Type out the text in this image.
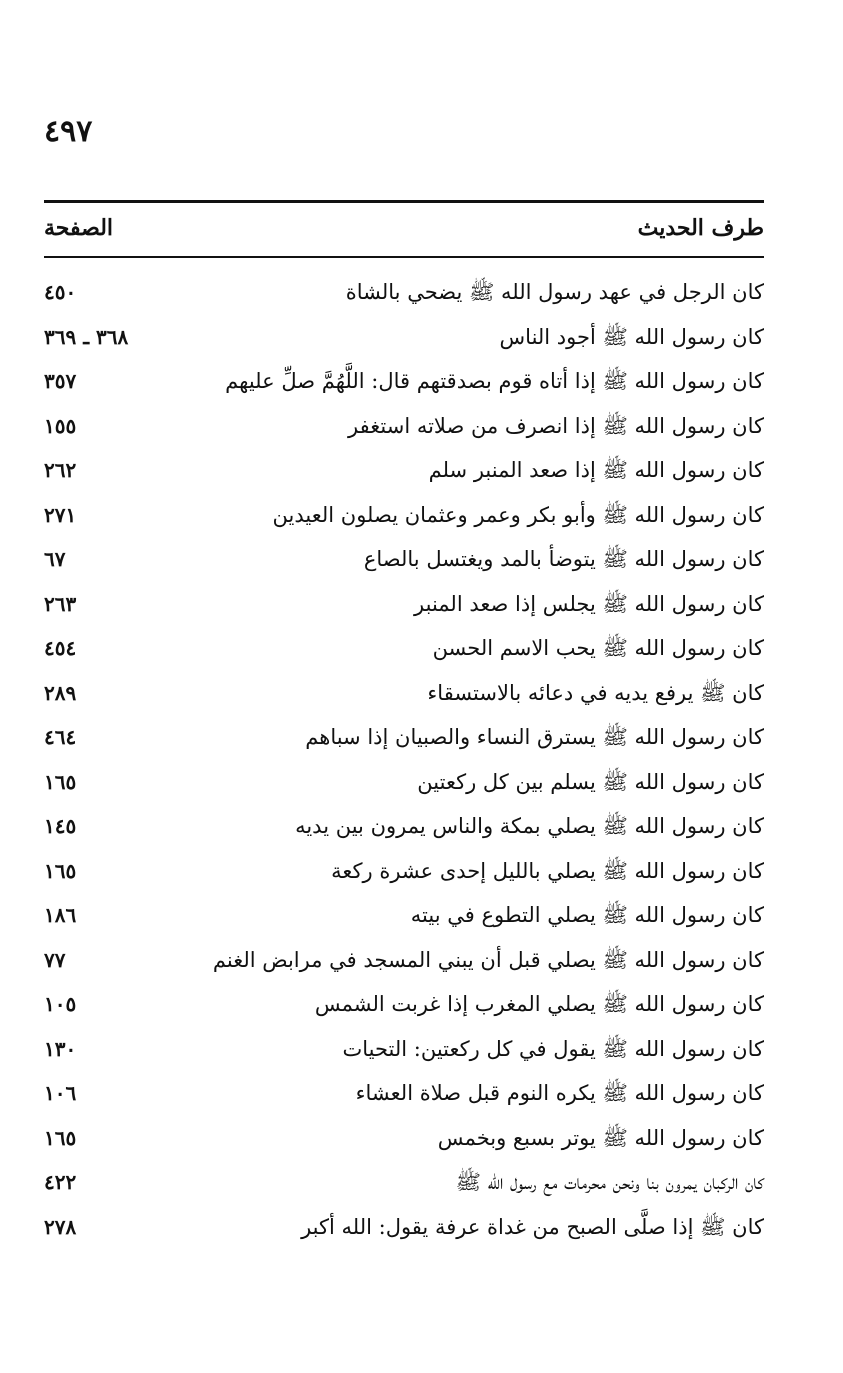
٤٩٧
طرف الحديث
الصفحة
كان الرجل في عهد رسول الله ﷺ يضحي بالشاة
٤٥٠
كان رسول الله ﷺ أجود الناس
٣٦٨ ـ ٣٦٩
كان رسول الله ﷺ إذا أتاه قوم بصدقتهم قال: اللَّهُمَّ صلِّ عليهم
٣٥٧
كان رسول الله ﷺ إذا انصرف من صلاته استغفر
١٥٥
كان رسول الله ﷺ إذا صعد المنبر سلم
٢٦٢
كان رسول الله ﷺ وأبو بكر وعمر وعثمان يصلون العيدين
٢٧١
كان رسول الله ﷺ يتوضأ بالمد ويغتسل بالصاع
٦٧
كان رسول الله ﷺ يجلس إذا صعد المنبر
٢٦٣
كان رسول الله ﷺ يحب الاسم الحسن
٤٥٤
كان ﷺ يرفع يديه في دعائه بالاستسقاء
٢٨٩
كان رسول الله ﷺ يسترق النساء والصبيان إذا سباهم
٤٦٤
كان رسول الله ﷺ يسلم بين كل ركعتين
١٦٥
كان رسول الله ﷺ يصلي بمكة والناس يمرون بين يديه
١٤٥
كان رسول الله ﷺ يصلي بالليل إحدى عشرة ركعة
١٦٥
كان رسول الله ﷺ يصلي التطوع في بيته
١٨٦
كان رسول الله ﷺ يصلي قبل أن يبني المسجد في مرابض الغنم
٧٧
كان رسول الله ﷺ يصلي المغرب إذا غربت الشمس
١٠٥
كان رسول الله ﷺ يقول في كل ركعتين: التحيات
١٣٠
كان رسول الله ﷺ يكره النوم قبل صلاة العشاء
١٠٦
كان رسول الله ﷺ يوتر بسبع وبخمس
١٦٥
كان الركبان يمرون بنا ونحن محرمات مع رسول الله ﷺ
٤٢٢
كان ﷺ إذا صلَّى الصبح من غداة عرفة يقول: الله أكبر
٢٧٨
